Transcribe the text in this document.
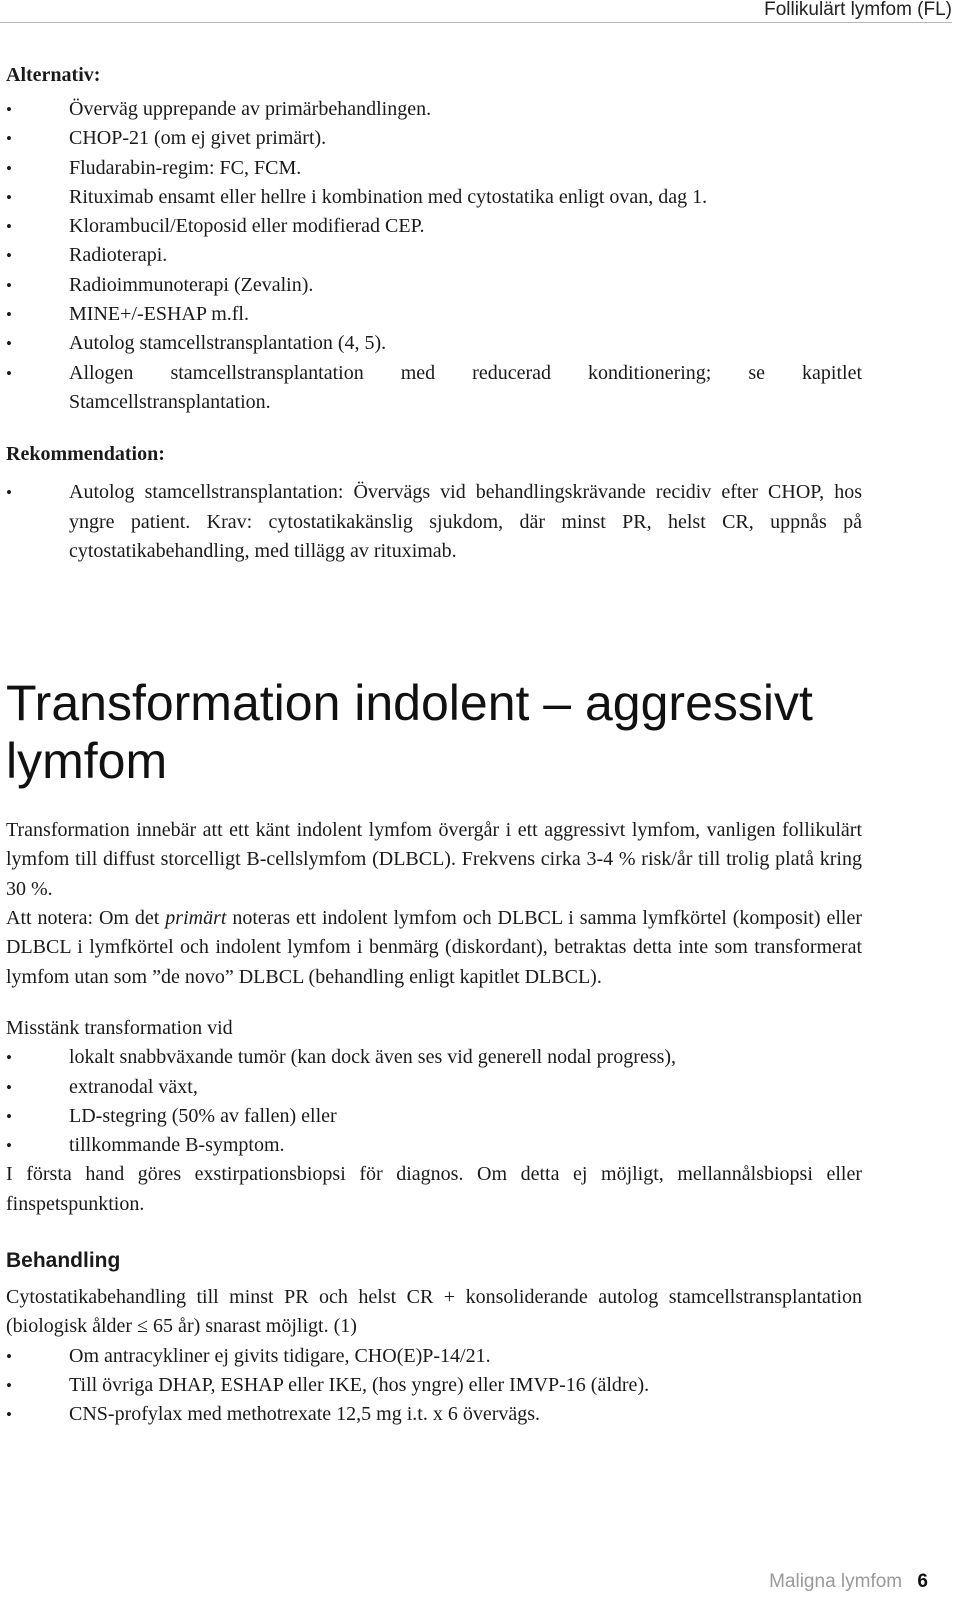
Follikulärt lymfom (FL)
Alternativ:
• Överväg upprepande av primärbehandlingen.
• CHOP-21 (om ej givet primärt).
• Fludarabin-regim: FC, FCM.
• Rituximab ensamt eller hellre i kombination med cytostatika enligt ovan, dag 1.
• Klorambucil/Etoposid eller modifierad CEP.
• Radioterapi.
• Radioimmunoterapi (Zevalin).
• MINE+/-ESHAP m.fl.
• Autolog stamcellstransplantation (4, 5).
• Allogen stamcellstransplantation med reducerad konditionering; se kapitlet Stamcellstransplantation.
Rekommendation:
• Autolog stamcellstransplantation: Övervägs vid behandlingskrävande recidiv efter CHOP, hos yngre patient. Krav: cytostatikakänslig sjukdom, där minst PR, helst CR, uppnås på cytostatikabehandling, med tillägg av rituximab.
Transformation indolent – aggressivt lymfom

Transformation innebär att ett känt indolent lymfom övergår i ett aggressivt lymfom, vanligen follikulärt lymfom till diffust storcelligt B-cellslymfom (DLBCL). Frekvens cirka 3-4 % risk/år till trolig platå kring 30 %.

Att notera: Om det primärt noteras ett indolent lymfom och DLBCL i samma lymfkörtel (komposit) eller DLBCL i lymfkörtel och indolent lymfom i benmärg (diskordant), betraktas detta inte som transformerat lymfom utan som ”de novo” DLBCL (behandling enligt kapitlet DLBCL).

Misstänk transformation vid

• lokalt snabbväxande tumör (kan dock även ses vid generell nodal progress),
• extranodal växt,
• LD-stegring (50% av fallen) eller
• tillkommande B-symptom.

I första hand göres exstirpationsbiopsi för diagnos. Om detta ej möjligt, mellannålsbiopsi eller finspetspunktion.

Behandling

Cytostatikabehandling till minst PR och helst CR + konsoliderande autolog stamcellstransplantation (biologisk ålder ≤ 65 år) snarast möjligt. (1)

• Om antracykliner ej givits tidigare, CHO(E)P-14/21.
• Till övriga DHAP, ESHAP eller IKE, (hos yngre) eller IMVP-16 (äldre).
• CNS-profylax med methotrexate 12,5 mg i.t. x 6 övervägs.
Maligna lymfom 6
